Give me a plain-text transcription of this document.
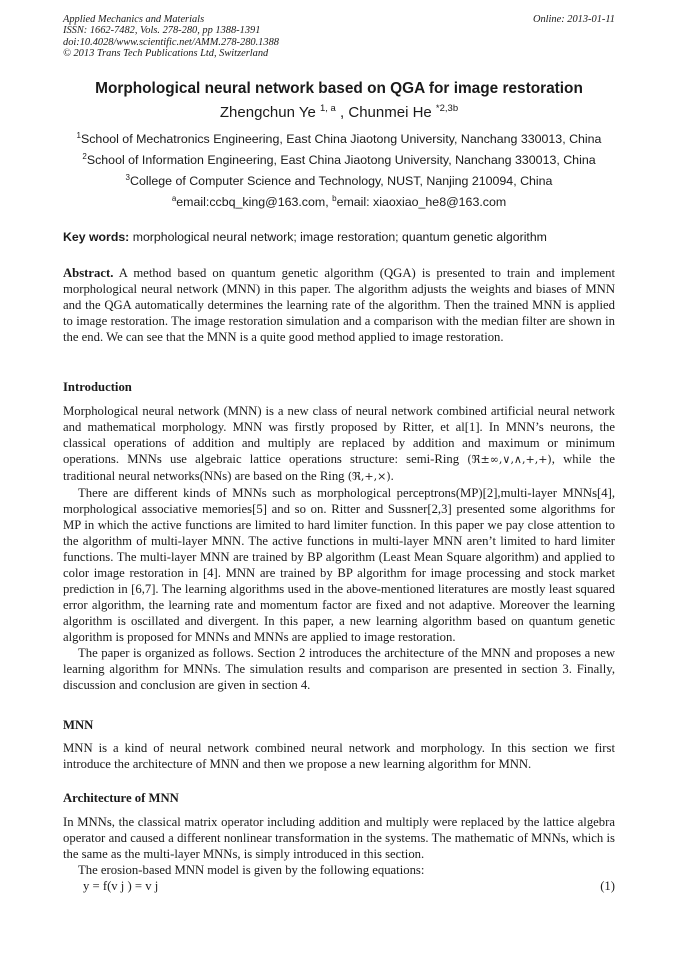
Applied Mechanics and Materials
ISSN: 1662-7482, Vols. 278-280, pp 1388-1391
doi:10.4028/www.scientific.net/AMM.278-280.1388
© 2013 Trans Tech Publications Ltd, Switzerland
Online: 2013-01-11
Morphological neural network based on QGA for image restoration
Zhengchun Ye $^{1, a}$ , Chunmei He $^{*2,3b}$
$^1$School of Mechatronics Engineering, East China Jiaotong University, Nanchang 330013, China
$^2$School of Information Engineering, East China Jiaotong University, Nanchang 330013, China
$^3$College of Computer Science and Technology, NUST, Nanjing 210094, China
$^a$email:ccbq_king@163.com, $^b$email: xiaoxiao_he8@163.com
Key words: morphological neural network; image restoration; quantum genetic algorithm

Abstract. A method based on quantum genetic algorithm (QGA) is presented to train and implement morphological neural network (MNN) in this paper. The algorithm adjusts the weights and biases of MNN and the QGA automatically determines the learning rate of the algorithm. Then the trained MNN is applied to image restoration. The image restoration simulation and a comparison with the median filter are shown in the end. We can see that the MNN is a quite good method applied to image restoration.

Introduction

Morphological neural network (MNN) is a new class of neural network combined artificial neural network and mathematical morphology. MNN was firstly proposed by Ritter, et al[1]. In MNN’s neurons, the classical operations of addition and multiply are replaced by addition and maximum or minimum operations. MNNs use algebraic lattice operations structure: semi-Ring (ℜ±∞,∨,∧,+,+), while the traditional neural networks(NNs) are based on the Ring (ℜ,+,×).

There are different kinds of MNNs such as morphological perceptrons(MP)[2],multi-layer MNNs[4], morphological associative memories[5] and so on. Ritter and Sussner[2,3] presented some algorithms for MP in which the active functions are limited to hard limiter function. In this paper we pay close attention to the algorithm of multi-layer MNN. The active functions in multi-layer MNN aren’t limited to hard limiter functions. The multi-layer MNN are trained by BP algorithm (Least Mean Square algorithm) and applied to color image restoration in [4]. MNN are trained by BP algorithm for image processing and stock market prediction in [6,7]. The learning algorithms used in the above-mentioned literatures are mostly least squared error algorithm, the learning rate and momentum factor are fixed and not adaptive. Moreover the learning algorithm is oscillated and divergent. In this paper, a new learning algorithm based on quantum genetic algorithm is proposed for MNNs and MNNs are applied to image restoration.

The paper is organized as follows. Section 2 introduces the architecture of the MNN and proposes a new learning algorithm for MNNs. The simulation results and comparison are presented in section 3. Finally, discussion and conclusion are given in section 4.

MNN

MNN is a kind of neural network combined neural network and morphology. In this section we first introduce the architecture of MNN and then we propose a new learning algorithm for MNN.

Architecture of MNN

In MNNs, the classical matrix operator including addition and multiply were replaced by the lattice algebra operator and caused a different nonlinear transformation in the systems. The mathematic of MNNs, which is the same as the multi-layer MNNs, is simply introduced in this section.

The erosion-based MNN model is given by the following equations:

y = f(v j ) = v j	(1)
